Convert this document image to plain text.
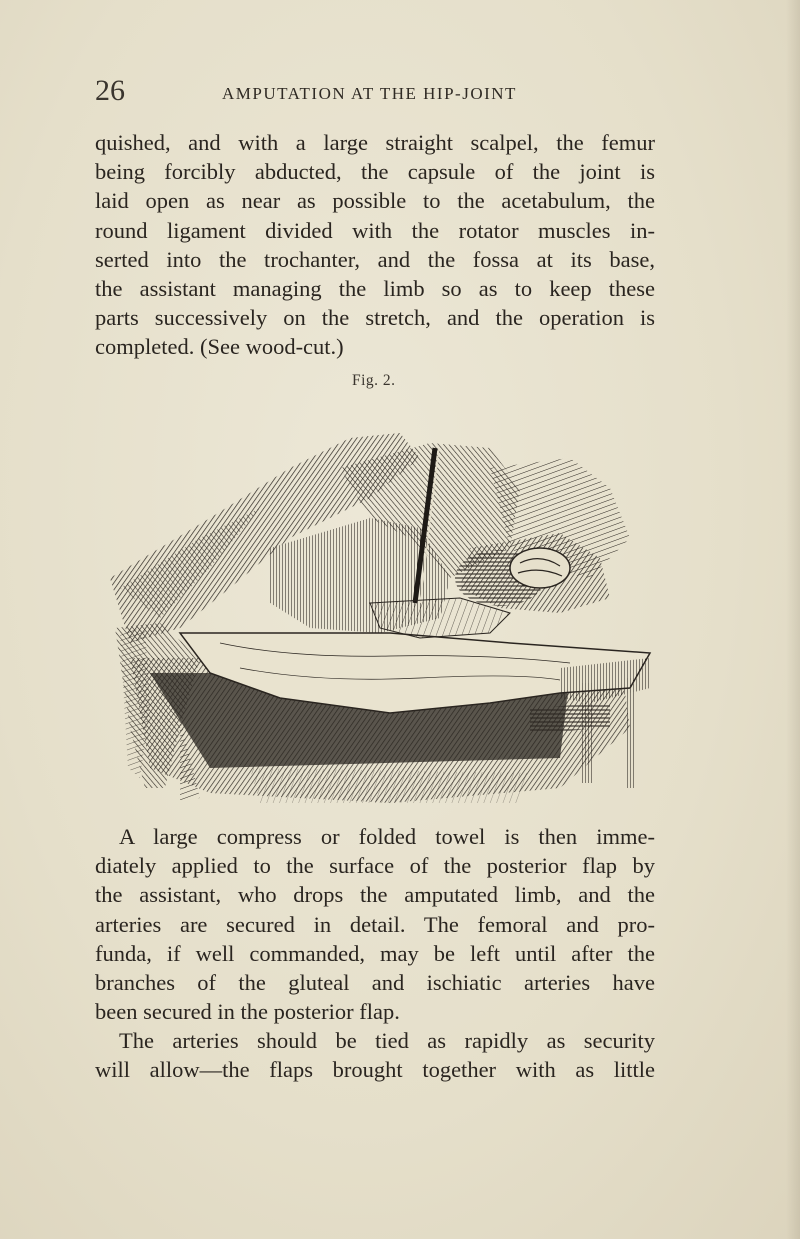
26	AMPUTATION AT THE HIP-JOINT
quished, and with a large straight scalpel, the femur
being forcibly abducted, the capsule of the joint is
laid open as near as possible to the acetabulum, the
round ligament divided with the rotator muscles in-
serted into the trochanter, and the fossa at its base,
the assistant managing the limb so as to keep these
parts successively on the stretch, and the operation is
completed. (See wood-cut.)
Fig. 2.
A large compress or folded towel is then imme-
diately applied to the surface of the posterior flap by
the assistant, who drops the amputated limb, and the
arteries are secured in detail. The femoral and pro-
funda, if well commanded, may be left until after the
branches of the gluteal and ischiatic arteries have
been secured in the posterior flap.
The arteries should be tied as rapidly as security
will allow—the flaps brought together with as little
